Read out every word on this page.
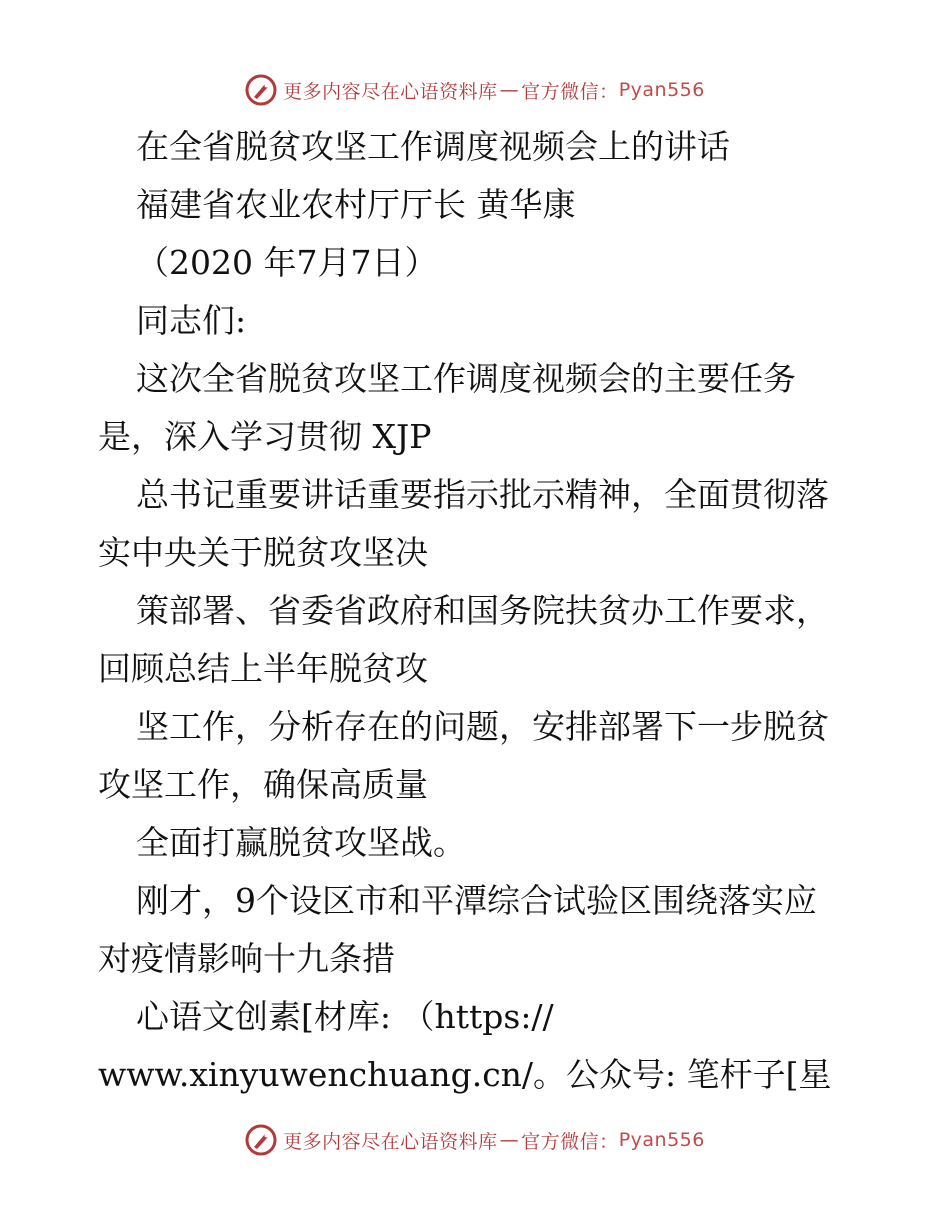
更多内容尽在心语资料库 — 官方微信： Pyan556

在全省脱贫攻坚工作调度视频会上的讲话

福建省农业农村厅厅长 黄华康

（2020 年7月7日）

同志们:

这次全省脱贫攻坚工作调度视频会的主要任务

是，深入学习贯彻 XJP

总书记重要讲话重要指示批示精神，全面贯彻落

实中央关于脱贫攻坚决

策部署、省委省政府和国务院扶贫办工作要求，

回顾总结上半年脱贫攻

坚工作，分析存在的问题，安排部署下一步脱贫

攻坚工作，确保高质量

全面打赢脱贫攻坚战。

刚才，9个设区市和平潭综合试验区围绕落实应

对疫情影响十九条措

心语文创素[材库: （https://

www.xinyuwenchuang.cn/。公众号: 笔杆子[星

更多内容尽在心语资料库 — 官方微信： Pyan556
